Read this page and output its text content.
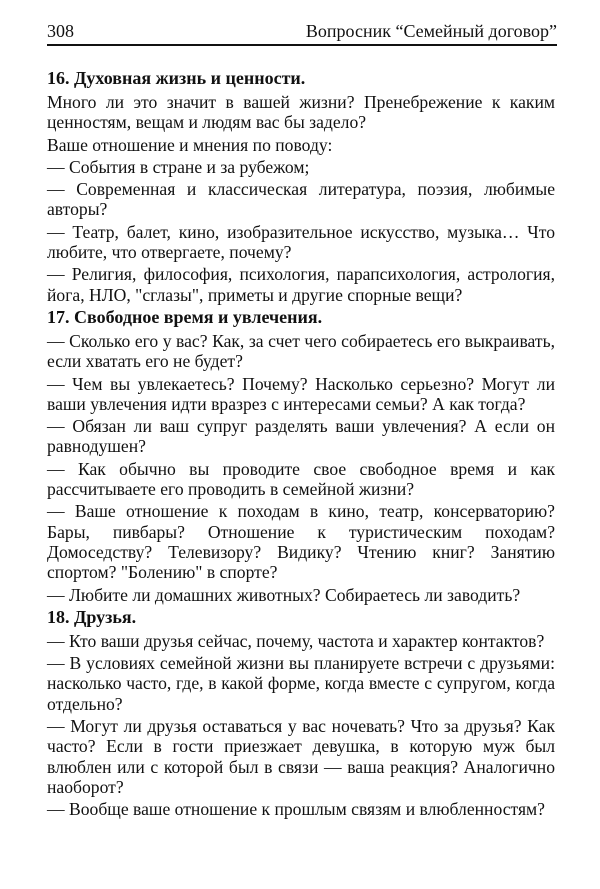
308	Вопросник “Семейный договор”
16. Духовная жизнь и ценности.

Много ли это значит в вашей жизни? Пренебрежение к каким ценностям, вещам и людям вас бы задело?

Ваше отношение и мнения по поводу:

— События в стране и за рубежом;

— Современная и классическая литература, поэзия, любимые авторы?

— Театр, балет, кино, изобразительное искусство, музыка… Что любите, что отвергаете, почему?

— Религия, философия, психология, парапсихология, астрология, йога, НЛО, "сглазы", приметы и другие спорные вещи?

17. Свободное время и увлечения.

— Сколько его у вас? Как, за счет чего собираетесь его выкраивать, если хватать его не будет?

— Чем вы увлекаетесь? Почему? Насколько серьезно? Могут ли ваши увлечения идти вразрез с интересами семьи? А как тогда?

— Обязан ли ваш супруг разделять ваши увлечения? А если он равнодушен?

— Как обычно вы проводите свое свободное время и как рассчитываете его проводить в семейной жизни?

— Ваше отношение к походам в кино, театр, консерваторию? Бары, пивбары? Отношение к туристическим походам? Домоседству? Телевизору? Видику? Чтению книг? Занятию спортом? "Болению" в спорте?

— Любите ли домашних животных? Собираетесь ли заводить?

18. Друзья.

— Кто ваши друзья сейчас, почему, частота и характер контактов?

— В условиях семейной жизни вы планируете встречи с друзьями: насколько часто, где, в какой форме, когда вместе с супругом, когда отдельно?

— Могут ли друзья оставаться у вас ночевать? Что за друзья? Как часто? Если в гости приезжает девушка, в которую муж был влюблен или с которой был в связи — ваша реакция? Аналогично наоборот?

— Вообще ваше отношение к прошлым связям и влюбленностям?
